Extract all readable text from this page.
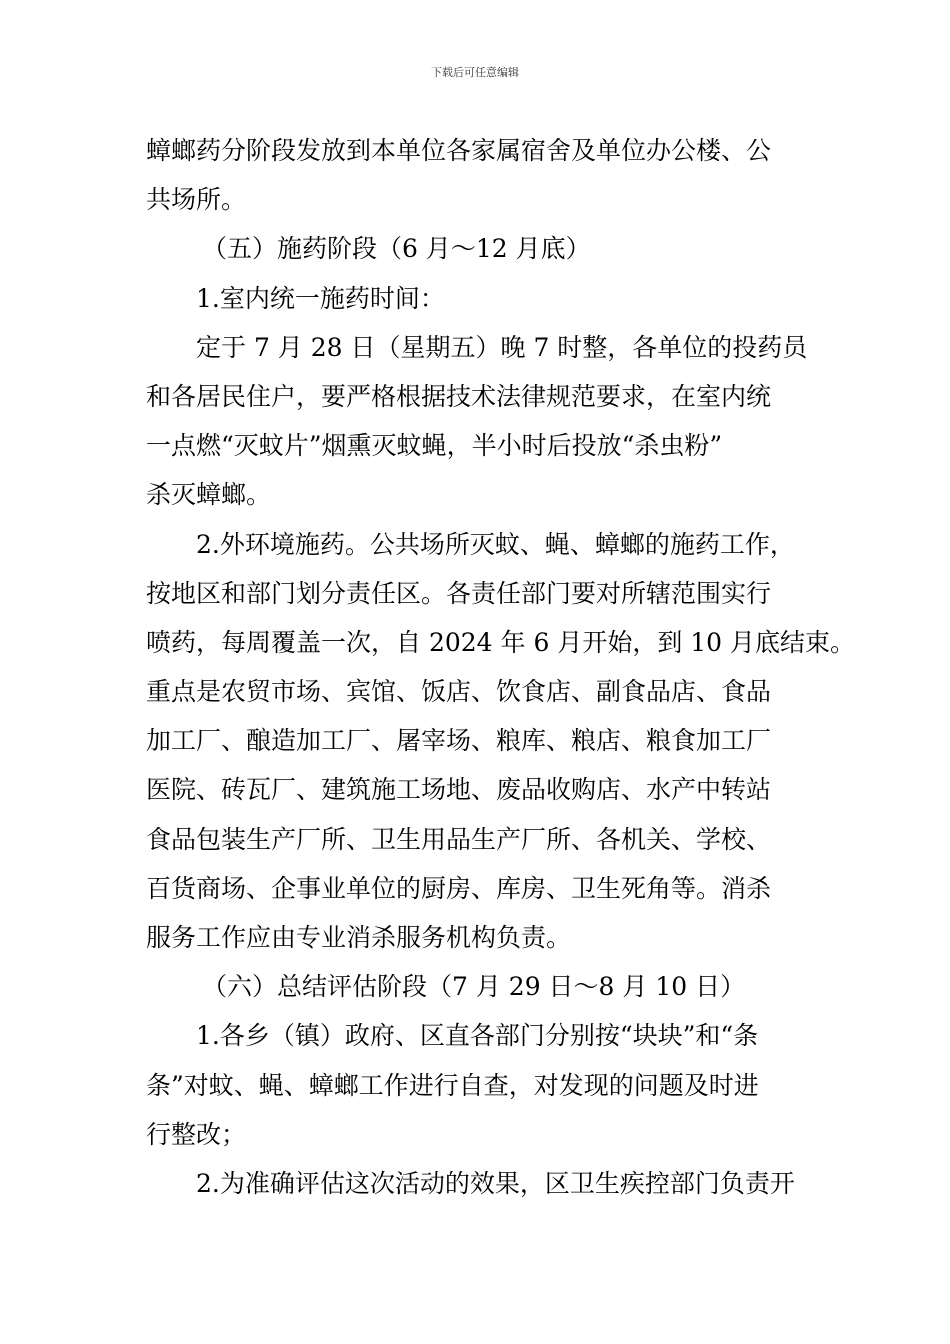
下载后可任意编辑
蟑螂药分阶段发放到本单位各家属宿舍及单位办公楼、公
共场所。
（五）施药阶段（6 月～12 月底）
1.室内统一施药时间：
定于 7 月 28 日（星期五）晚 7 时整，各单位的投药员
和各居民住户，要严格根据技术法律规范要求，在室内统
一点燃“灭蚊片”烟熏灭蚊蝇，半小时后投放“杀虫粉”
杀灭蟑螂。
2.外环境施药。公共场所灭蚊、蝇、蟑螂的施药工作，
按地区和部门划分责任区。各责任部门要对所辖范围实行
喷药，每周覆盖一次，自 2024 年 6 月开始，到 10 月底结束。
重点是农贸市场、宾馆、饭店、饮食店、副食品店、食品
加工厂、酿造加工厂、屠宰场、粮库、粮店、粮食加工厂
医院、砖瓦厂、建筑施工场地、废品收购店、水产中转站
食品包装生产厂所、卫生用品生产厂所、各机关、学校、
百货商场、企事业单位的厨房、库房、卫生死角等。消杀
服务工作应由专业消杀服务机构负责。
（六）总结评估阶段（7 月 29 日～8 月 10 日）
1.各乡（镇）政府、区直各部门分别按“块块”和“条
条”对蚊、蝇、蟑螂工作进行自查，对发现的问题及时进
行整改；
2.为准确评估这次活动的效果，区卫生疾控部门负责开
